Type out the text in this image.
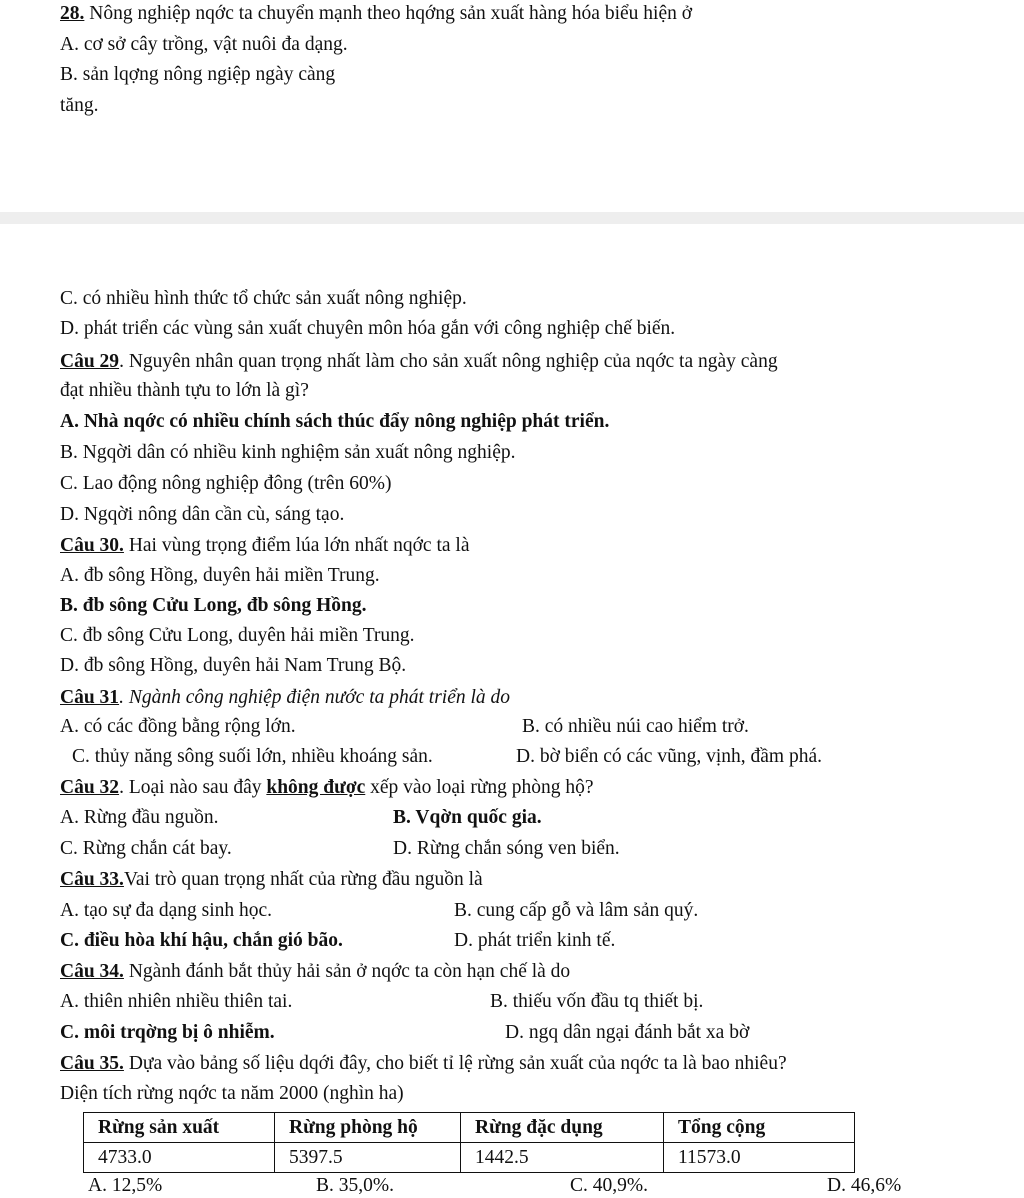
28. Nông nghiệp nqớc ta chuyển mạnh theo hqớng sản xuất hàng hóa biểu hiện ở
A. cơ sở cây trồng, vật nuôi đa dạng.
B. sản lqợng nông ngiệp ngày càng
tăng.
C. có nhiều hình thức tổ chức sản xuất nông nghiệp.
D. phát triển các vùng sản xuất chuyên môn hóa gắn với công nghiệp chế biến.
Câu 29. Nguyên nhân quan trọng nhất làm cho sản xuất nông nghiệp của nqớc ta ngày càng
đạt nhiều thành tựu to lớn là gì?
A. Nhà nqớc có nhiều chính sách thúc đẩy nông nghiệp phát triển.
B. Ngqời dân có nhiều kinh nghiệm sản xuất nông nghiệp.
C. Lao động nông nghiệp đông (trên 60%)
D. Ngqời nông dân cần cù, sáng tạo.
Câu 30. Hai vùng trọng điểm lúa lớn nhất nqớc ta là
A. đb sông Hồng, duyên hải miền Trung.
B. đb sông Cửu Long, đb sông Hồng.
C. đb sông Cửu Long, duyên hải miền Trung.
D. đb sông Hồng, duyên hải Nam Trung Bộ.
Câu 31. Ngành công nghiệp điện nước ta phát triển là do
A. có các đồng bằng rộng lớn.	B. có nhiều núi cao hiểm trở.
C. thủy năng sông suối lớn, nhiều khoáng sản.	D. bờ biển có các vũng, vịnh, đầm phá.
Câu 32. Loại nào sau đây không được xếp vào loại rừng phòng hộ?
A. Rừng đầu nguồn.	B. Vqờn quốc gia.
C. Rừng chắn cát bay.	D. Rừng chắn sóng ven biển.
Câu 33.Vai trò quan trọng nhất của rừng đầu nguồn là
A. tạo sự đa dạng sinh học.	B. cung cấp gỗ và lâm sản quý.
C. điều hòa khí hậu, chắn gió bão.	D. phát triển kinh tế.
Câu 34. Ngành đánh bắt thủy hải sản ở nqớc ta còn hạn chế là do
A. thiên nhiên nhiều thiên tai.	B. thiếu vốn đầu tq thiết bị.
C. môi trqờng bị ô nhiễm.	D. ngq dân ngại đánh bắt xa bờ
Câu 35. Dựa vào bảng số liệu dqới đây, cho biết tỉ lệ rừng sản xuất của nqớc ta là bao nhiêu?
Diện tích rừng nqớc ta năm 2000 (nghìn ha)
Rừng sản xuất	Rừng phòng hộ	Rừng đặc dụng	Tổng cộng
4733.0	5397.5	1442.5	11573.0
A. 12,5%	B. 35,0%.	C. 40,9%.	D. 46,6%
